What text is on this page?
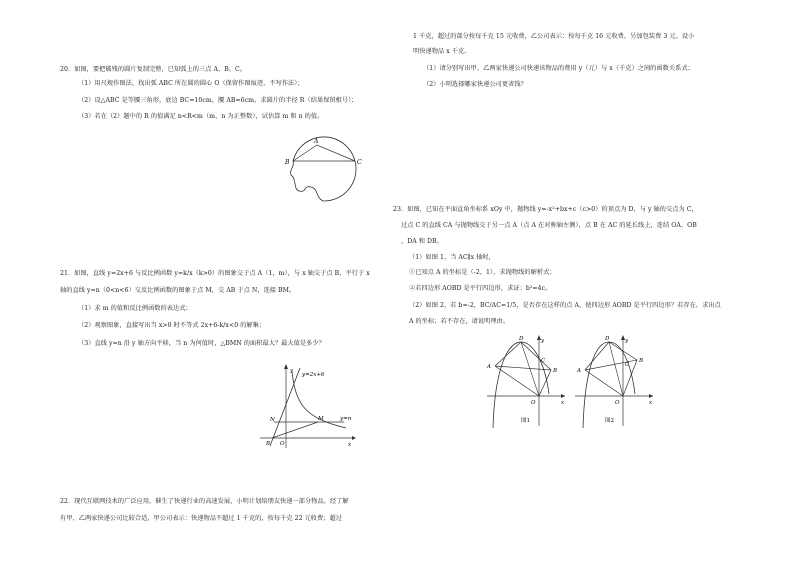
20．如图，要把破残的圆片复制完整，已知弧上的三点 A、B、C。
（1）用尺规作图法，找出弧 ABC 所在圆的圆心 O（保留作图痕迹，不写作法）；
（2）设△ABC 是等腰三角形，底边 BC=10cm，腰 AB=6cm，求圆片的半径 R（结果保留根号）；
（3）若在（2）题中的 R 的值满足 n<R<m（m、n 为正整数），试估算 m 和 n 的值。
A
B	C
21．如图，直线 y=2x+6 与反比例函数 y=k/x（k>0）的图象交于点 A（1，m），与 x 轴交于点 B，平行于 x
轴的直线 y=n（0<n<6）交反比例函数的图象于点 M，交 AB 于点 N，连接 BM。
（1）求 m 的值和反比例函数的表达式；
（2）观察图象，直接写出当 x>0 时不等式 2x+6-k/x<0 的解集；
（3）直线 y=n 沿 y 轴方向平移，当 n 为何值时，△BMN 的面积最大？最大值是多少？
y
y=2x+6
y=n
N	M
B O	x
22．现代互联网技术的广泛应用，催生了快递行业的高速发展，小明计划给朋友快递一部分物品，经了解
有甲、乙两家快递公司比较合适，甲公司表示：快递物品不超过 1 千克的，按每千克 22 元收费；超过
1 千克，超过的部分按每千克 15 元收费，乙公司表示：按每千克 16 元收费，另加包装费 3 元。设小
明快递物品 x 千克。
（1）请分别写出甲、乙两家快递公司快递该物品的费用 y（元）与 x（千克）之间的函数关系式；
（2）小明选择哪家快递公司更省钱？
23．如图，已知在平面直角坐标系 xOy 中，抛物线 y=-x²+bx+c（c>0）的顶点为 D，与 y 轴的交点为 C，
过点 C 的直线 CA 与抛物线交于另一点 A（点 A 在对称轴左侧），点 B 在 AC 的延长线上，连结 OA、OB
，DA 和 DB。
（1）如图 1，当 AC∥x 轴时，
①已知点 A 的坐标是（-2，1），求抛物线的解析式；
②若四边形 AOBD 是平行四边形，求证：b²=4c。
（2）如图 2，若 b=-2，BC/AC=1/5，是否存在这样的点 A，使四边形 AOBD 是平行四边形？若存在，求出点
A 的坐标；若不存在，请说明理由。
D
C
A
B
O	x
y
图1
D
C
A
B
O	x
y
图2
